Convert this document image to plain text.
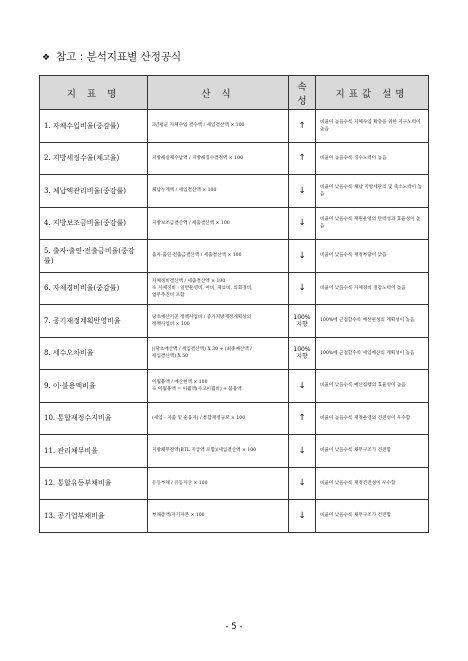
❖ 참고 : 분석지표별 산정공식
지 표 명	산 식	속성	지표값 설명
1. 자체수입비율(중감률)	3년평균 자체수입 결수액 / 세입결산액 × 100	↑	비율이 높을수록 자체수입 확충을 위한 자구노력이 높음
2. 지방세징수율(체고율)	지방세실제수납액 / 지방세징수결정액 × 100	↑	비율이 높을수록 징수노력이 높음
3. 체납액관리비율(중감률)	체납누계액 / 세입결산액 × 100	↓	비율이 낮을수록 체납 지방세관리 및 축소노력이 높음
4. 지방보조금비율(중감률)	지방보조금결산액 / 세출결산액 × 100	↓	비율이 낮을수록 재원운영의 탄력성과 효율성이 높음
5. 출자·출연·전출금비율(중감률)	출자·출연·전출금결산액 / 세출결산액 × 100	↓	비율이 낮을수록 재정부담이 낮음
6. 자체경비비율(중감률)	자체경비결산액 / 세출결산액 × 100
※ 자체경비 : 일반운영비, 여비, 제료비, 의회경비,
업무추진비 포함	↓	비율이 낮을수록 자체경비 절감노력이 높음
7. 공기재정계획반영비율	당초예산기준 정책사업비 / 중기지방재정계획상의
정책사업비 × 100	100% 지향	100%에 근접할수록 예산편성의 계획성이 높음
8. 세수오차비율	|(당초예산액 / 세입결산액) X 30 + (최종예산액 /
세입결산액) X 50	100% 지향	100%에 근접할수록 세입예산의 계획성이 높음
9. 이·불용액비율	이월용액 / 예산현액 × 100
※ 이월용액 = 이월액(사고이월비) + 불용액	↓	비율이 낮을수록 예산집행의 효율성이 높음
10. 통합재정수지비율	(세입 - 지출 및 순융자) / 통합재정규모 × 100	↑	비율이 높을수록 재정운영의 건전성이 우수함
11. 관리채무비율	지방채무잔액(BTL 지급액 포함)/세입결산액 × 100	↓	비율이 낮을수록 채무구조가 건전함
12. 통합유동부채비율	유동부채 / 유동자산 × 100	↓	비율이 낮을수록 재정건전성이 우수함
13. 공기업부채비율	부채총액/자기자본 × 100	↓	비율이 낮을수록 채무구조가 건전함
- 5 -
